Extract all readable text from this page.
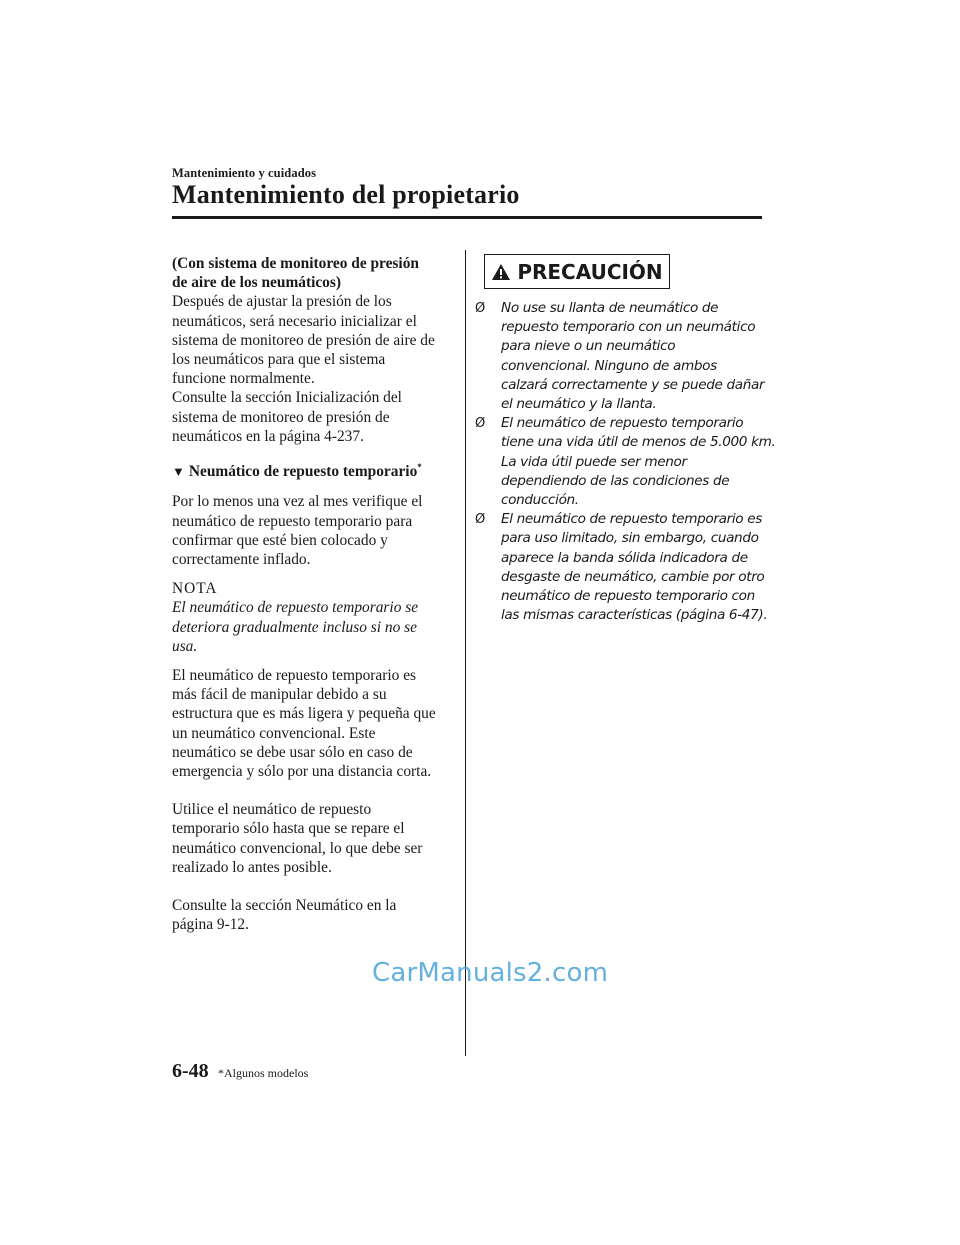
Mantenimiento y cuidados
Mantenimiento del propietario

(Con sistema de monitoreo de presión

de aire de los neumáticos)

Después de ajustar la presión de los

neumáticos, será necesario inicializar el

sistema de monitoreo de presión de aire de

los neumáticos para que el sistema

funcione normalmente.

Consulte la sección Inicialización del

sistema de monitoreo de presión de

neumáticos en la página 4-237.

▼ Neumático de repuesto temporario*

Por lo menos una vez al mes verifique el

neumático de repuesto temporario para

confirmar que esté bien colocado y

correctamente inflado.

NOTA

El neumático de repuesto temporario se

deteriora gradualmente incluso si no se

usa.

El neumático de repuesto temporario es

más fácil de manipular debido a su

estructura que es más ligera y pequeña que

un neumático convencional. Este

neumático se debe usar sólo en caso de

emergencia y sólo por una distancia corta.

Utilice el neumático de repuesto

temporario sólo hasta que se repare el

neumático convencional, lo que debe ser

realizado lo antes posible.

Consulte la sección Neumático en la

página 9-12.

PRECAUCIÓN
Ø No use su llanta de neumático de
repuesto temporario con un neumático
para nieve o un neumático
convencional. Ninguno de ambos
calzará correctamente y se puede dañar
el neumático y la llanta.
Ø El neumático de repuesto temporario
tiene una vida útil de menos de 5.000 km.
La vida útil puede ser menor
dependiendo de las condiciones de
conducción.
Ø El neumático de repuesto temporario es
para uso limitado, sin embargo, cuando
aparece la banda sólida indicadora de
desgaste de neumático, cambie por otro
neumático de repuesto temporario con
las mismas características (página 6-47).
CarManuals2.com
6-48 *Algunos modelos
